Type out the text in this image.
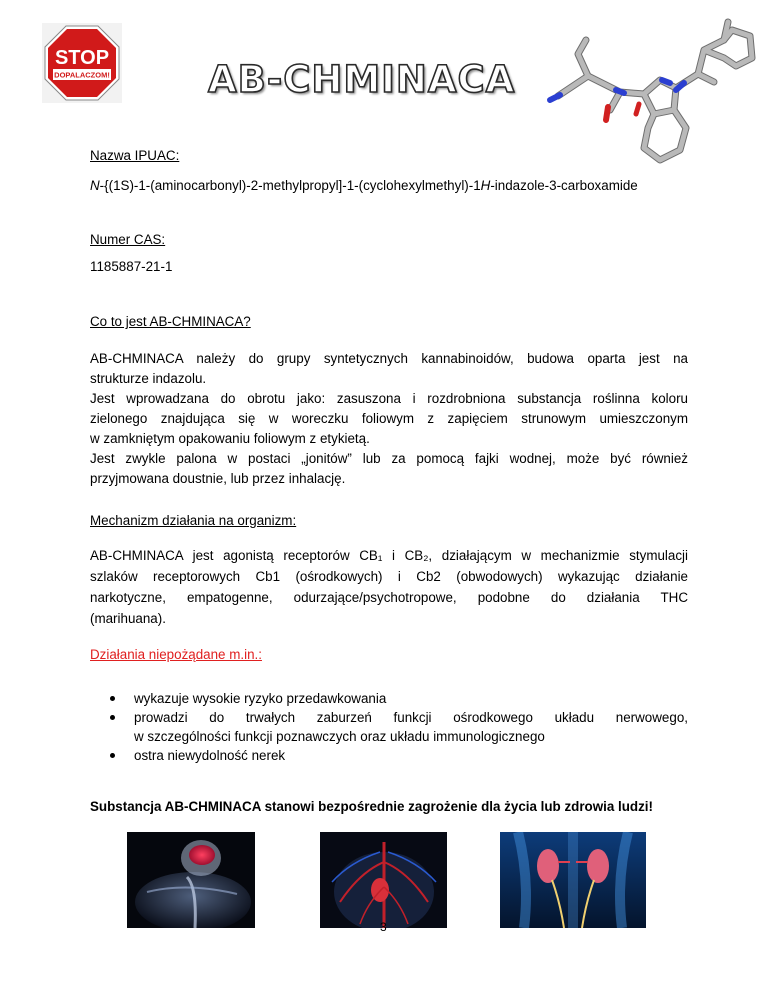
STOP
DOPALACZOM!	AB-CHMINACA
Nazwa IPUAC:
N-{(1S)-1-(aminocarbonyl)-2-methylpropyl]-1-(cyclohexylmethyl)-1H-indazole-3-carboxamide
Numer CAS:
1185887-21-1
Co to jest AB-CHMINACA?
AB-CHMINACA należy do grupy syntetycznych kannabinoidów, budowa oparta jest na
strukturze indazolu.
Jest wprowadzana do obrotu jako: zasuszona i rozdrobniona substancja roślinna koloru
zielonego znajdująca się w woreczku foliowym z zapięciem strunowym umieszczonym
w zamkniętym opakowaniu foliowym z etykietą.
Jest zwykle palona w postaci „jonitów” lub za pomocą fajki wodnej, może być również
przyjmowana doustnie, lub przez inhalację.
Mechanizm działania na organizm:
AB-CHMINACA jest agonistą receptorów CB₁ i CB₂, działającym w mechanizmie stymulacji
szlaków receptorowych Cb1 (ośrodkowych) i Cb2 (obwodowych) wykazując działanie
narkotyczne, empatogenne, odurzające/psychotropowe, podobne do działania THC
(marihuana).
Działania niepożądane m.in.:
wykazuje wysokie ryzyko przedawkowania
prowadzi do trwałych zaburzeń funkcji ośrodkowego układu nerwowego,
w szczególności funkcji poznawczych oraz układu immunologicznego
ostra niewydolność nerek
Substancja AB-CHMINACA stanowi bezpośrednie zagrożenie dla życia lub zdrowia ludzi!
3
